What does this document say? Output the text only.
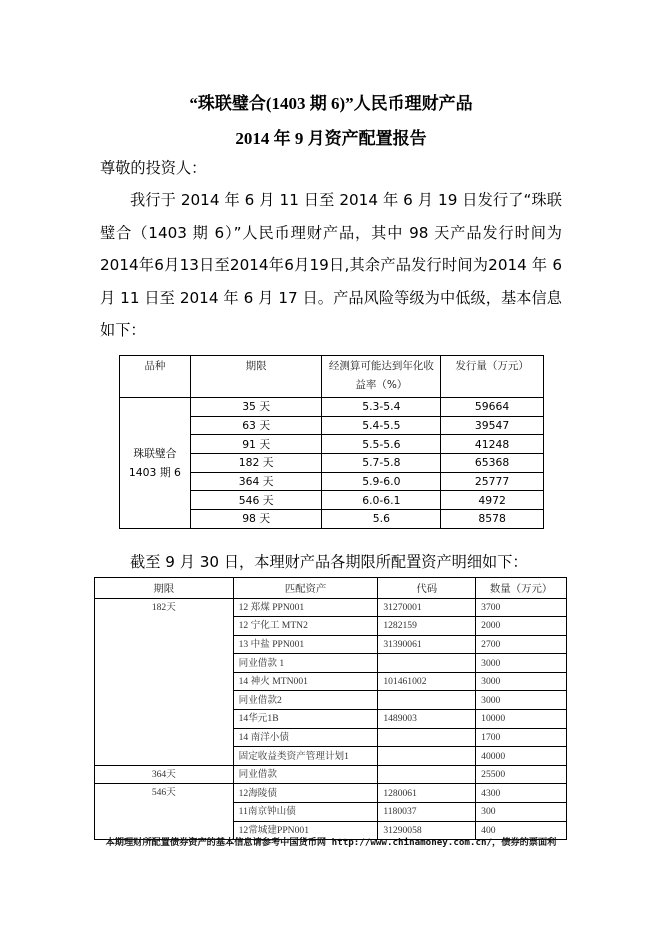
“珠联璧合(1403 期 6)”人民币理财产品
2014 年 9 月资产配置报告
尊敬的投资人：
我行于 2014 年 6 月 11 日至 2014 年 6 月 19 日发行了“珠联璧合（1403 期 6）”人民币理财产品，其中 98 天产品发行时间为 2014年6月13日至2014年6月19日,其余产品发行时间为2014 年 6 月 11 日至 2014 年 6 月 17 日。产品风险等级为中低级，基本信息如下：
品种	期限	经测算可能达到年化收益率（%）	发行量（万元）
珠联璧合 1403 期 6	35 天	5.3-5.4	59664
	63 天	5.4-5.5	39547
	91 天	5.5-5.6	41248
	182 天	5.7-5.8	65368
	364 天	5.9-6.0	25777
	546 天	6.0-6.1	4972
	98 天	5.6	8578
截至 9 月 30 日，本理财产品各期限所配置资产明细如下：
期限	匹配资产	代码	数量（万元）
182天	12 郑煤 PPN001	31270001	3700
	12 宁化工 MTN2	1282159	2000
	13 中盐 PPN001	31390061	2700
	同业借款 1		3000
	14 神火 MTN001	101461002	3000
	同业借款2		3000
	14华元1B	1489003	10000
	14 南洋小债		1700
	固定收益类资产管理计划1		40000
364天	同业借款		25500
546天	12海陵债	1280061	4300
	11南京钟山债	1180037	300
	12常城建PPN001	31290058	400
本期理财所配置债券资产的基本信息请参考中国货币网 http://www.chinamoney.com.cn/，债券的票面利
